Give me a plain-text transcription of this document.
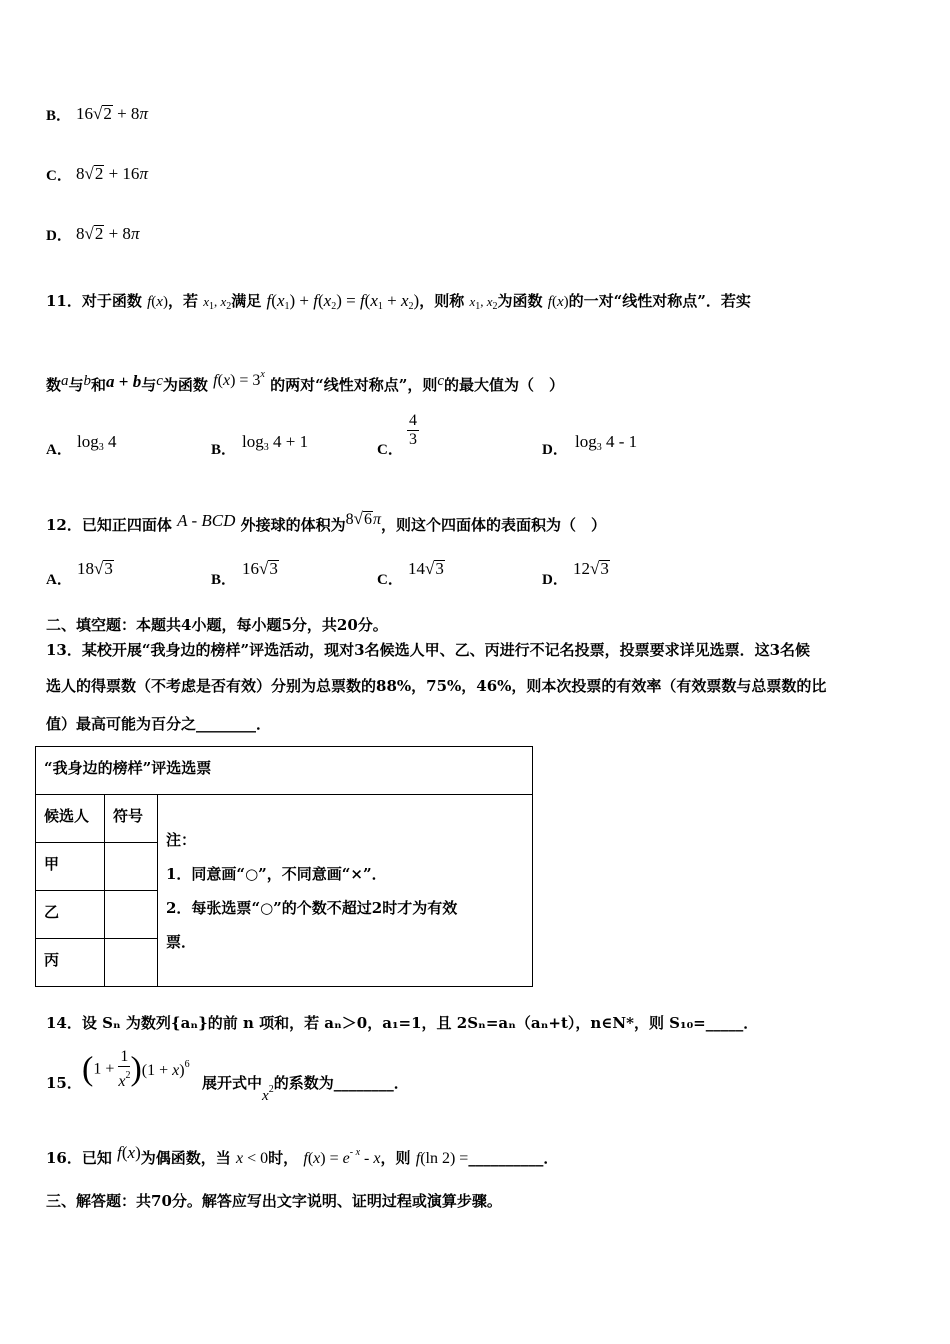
B． 16√2 + 8π
C． 8√2 + 16π
D． 8√2 + 8π
11．对于函数 f(x)，若 $x_1$, $x_2$满足 $f(x_1) + f(x_2) = f(x_1 + x_2)$，则称 $x_1$, $x_2$为函数 f(x)的一对“线性对称点”．若实
数a与b和a + b与c为函数 $f(x) = 3^x$ 的两对“线性对称点”，则c的最大值为（　）
A． $\log_3 4$	B． $\log_3 4 + 1$	C．
$\frac{4}{3}$
D． $\log_3 4 - 1$
12．已知正四面体 A - BCD 外接球的体积为8√6π，则这个四面体的表面积为（　）
A．
18√3
B．
16√3
C．
14√3
D．
12√3
二、填空题：本题共4小题，每小题5分，共20分。
13．某校开展“我身边的榜样”评选活动，现对3名候选人甲、乙、丙进行不记名投票，投票要求详见选票．这3名候
选人的得票数（不考虑是否有效）分别为总票数的88%，75%，46%，则本次投票的有效率（有效票数与总票数的比
值）最高可能为百分之________．
“我身边的榜样”评选选票		
候选人	符号	注：
1．同意画“○”，不同意画“×”．
2．每张选票“○”的个数不超过2时才为有效
票．

甲		
乙		
丙		
14．设 Sₙ 为数列{aₙ}的前 n 项和，若 aₙ＞0，a₁=1，且 2Sₙ=aₙ（aₙ+t），n∈N*，则 S₁₀=_____．
15． $(1 + \frac{1}{x^2} )(1 + x)^6$
展开式中$x^2$的系数为________．
16．已知 f(x)为偶函数，当 x < 0时， $f(x) = e^{- x} - x$，则 f(ln 2) =__________．
三、解答题：共70分。解答应写出文字说明、证明过程或演算步骤。
